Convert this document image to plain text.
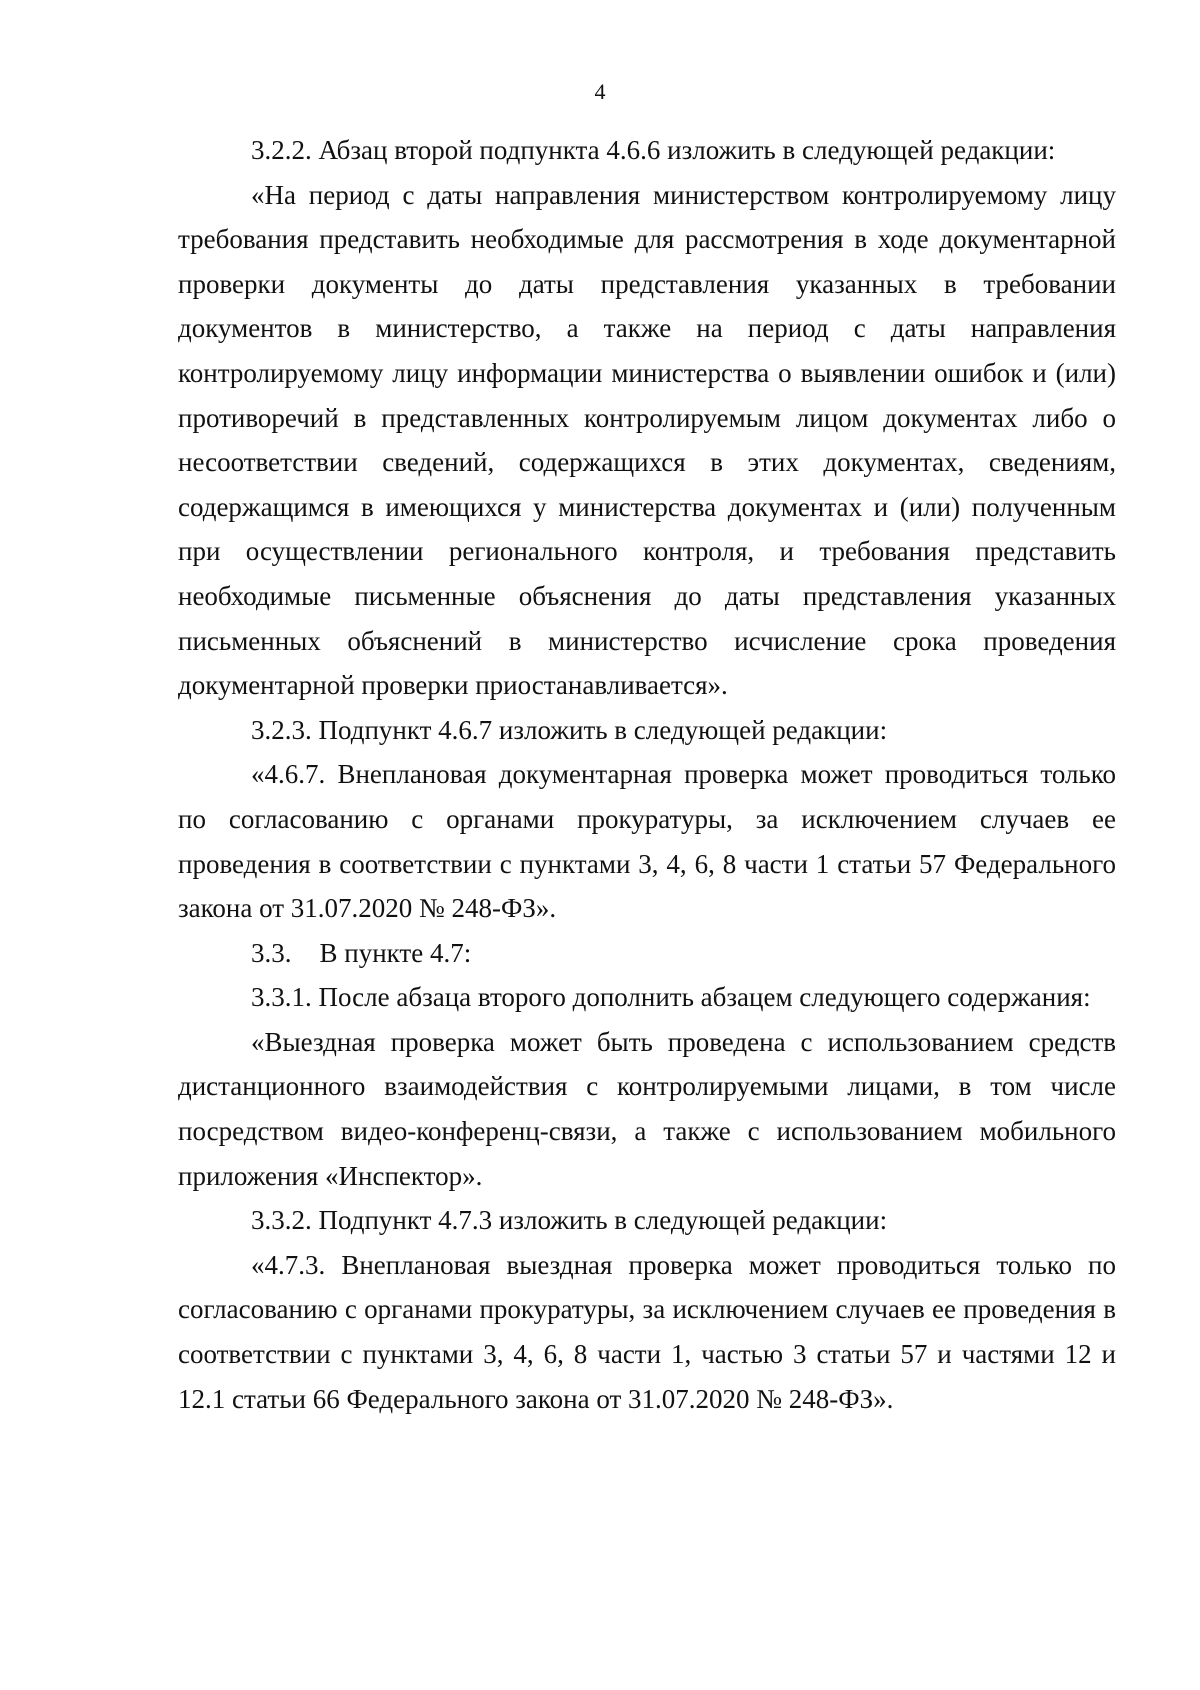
4

3.2.2. Абзац второй подпункта 4.6.6 изложить в следующей редакции:

«На период с даты направления министерством контролируемому лицу требования представить необходимые для рассмотрения в ходе документарной проверки документы до даты представления указанных в требовании документов в министерство, а также на период с даты направления контролируемому лицу информации министерства о выявлении ошибок и (или) противоречий в представленных контролируемым лицом документах либо о несоответствии сведений, содержащихся в этих документах, сведениям, содержащимся в имеющихся у министерства документах и (или) полученным при осуществлении регионального контроля, и требования представить необходимые письменные объяснения до даты представления указанных письменных объяснений в министерство исчисление срока проведения документарной проверки приостанавливается».

3.2.3. Подпункт 4.6.7 изложить в следующей редакции:

«4.6.7. Внеплановая документарная проверка может проводиться только по согласованию с органами прокуратуры, за исключением случаев ее проведения в соответствии с пунктами 3, 4, 6, 8 части 1 статьи 57 Федерального закона от 31.07.2020 № 248-ФЗ».

3.3. В пункте 4.7:

3.3.1. После абзаца второго дополнить абзацем следующего содержания:

«Выездная проверка может быть проведена с использованием средств дистанционного взаимодействия с контролируемыми лицами, в том числе посредством видео-конференц-связи, а также с использованием мобильного приложения «Инспектор».

3.3.2. Подпункт 4.7.3 изложить в следующей редакции:

«4.7.3. Внеплановая выездная проверка может проводиться только по согласованию с органами прокуратуры, за исключением случаев ее проведения в соответствии с пунктами 3, 4, 6, 8 части 1, частью 3 статьи 57 и частями 12 и 12.1 статьи 66 Федерального закона от 31.07.2020 № 248-ФЗ».
